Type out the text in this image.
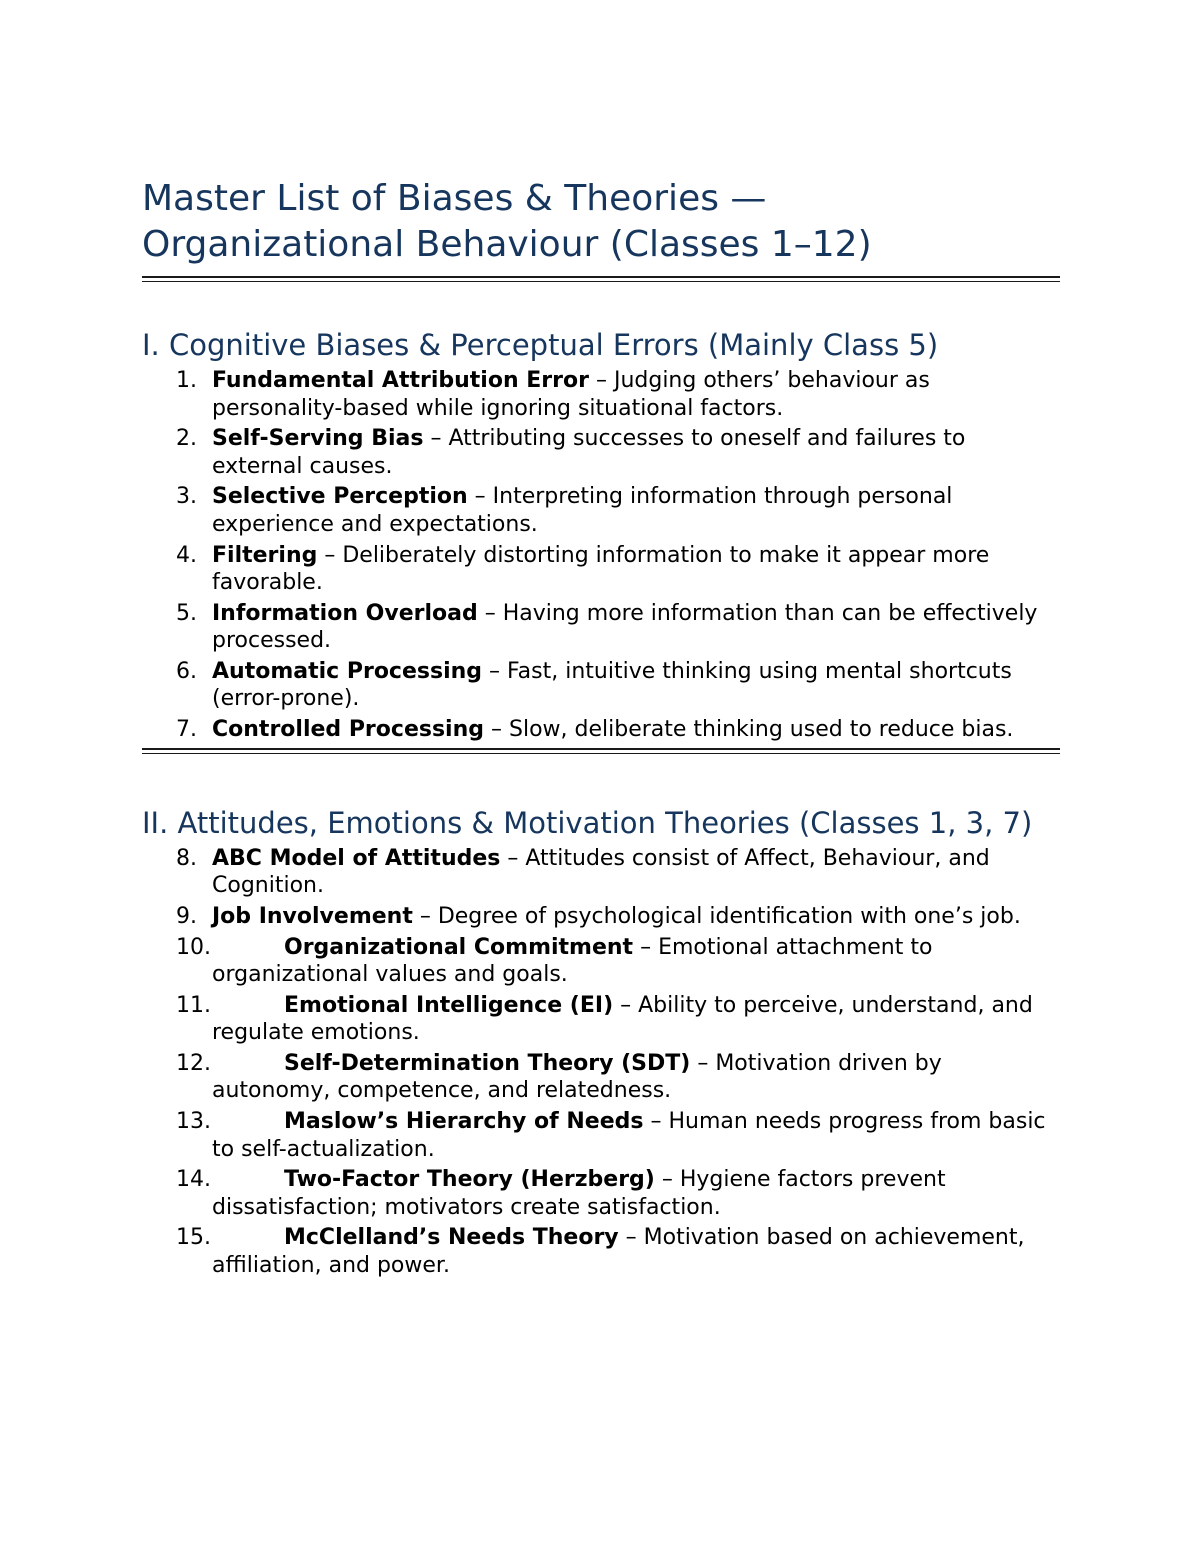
Master List of Biases & Theories —
Organizational Behaviour (Classes 1–12)
I. Cognitive Biases & Perceptual Errors (Mainly Class 5)
1. Fundamental Attribution Error – Judging others’ behaviour as personality-based while ignoring situational factors.
2. Self-Serving Bias – Attributing successes to oneself and failures to external causes.
3. Selective Perception – Interpreting information through personal experience and expectations.
4. Filtering – Deliberately distorting information to make it appear more favorable.
5. Information Overload – Having more information than can be effectively processed.
6. Automatic Processing – Fast, intuitive thinking using mental shortcuts (error-prone).
7. Controlled Processing – Slow, deliberate thinking used to reduce bias.
II. Attitudes, Emotions & Motivation Theories (Classes 1, 3, 7)
8. ABC Model of Attitudes – Attitudes consist of Affect, Behaviour, and Cognition.
9. Job Involvement – Degree of psychological identification with one’s job.
10.	Organizational Commitment – Emotional attachment to organizational values and goals.
11.	Emotional Intelligence (EI) – Ability to perceive, understand, and regulate emotions.
12.	Self-Determination Theory (SDT) – Motivation driven by autonomy, competence, and relatedness.
13.	Maslow’s Hierarchy of Needs – Human needs progress from basic to self-actualization.
14.	Two-Factor Theory (Herzberg) – Hygiene factors prevent dissatisfaction; motivators create satisfaction.
15.	McClelland’s Needs Theory – Motivation based on achievement, affiliation, and power.
